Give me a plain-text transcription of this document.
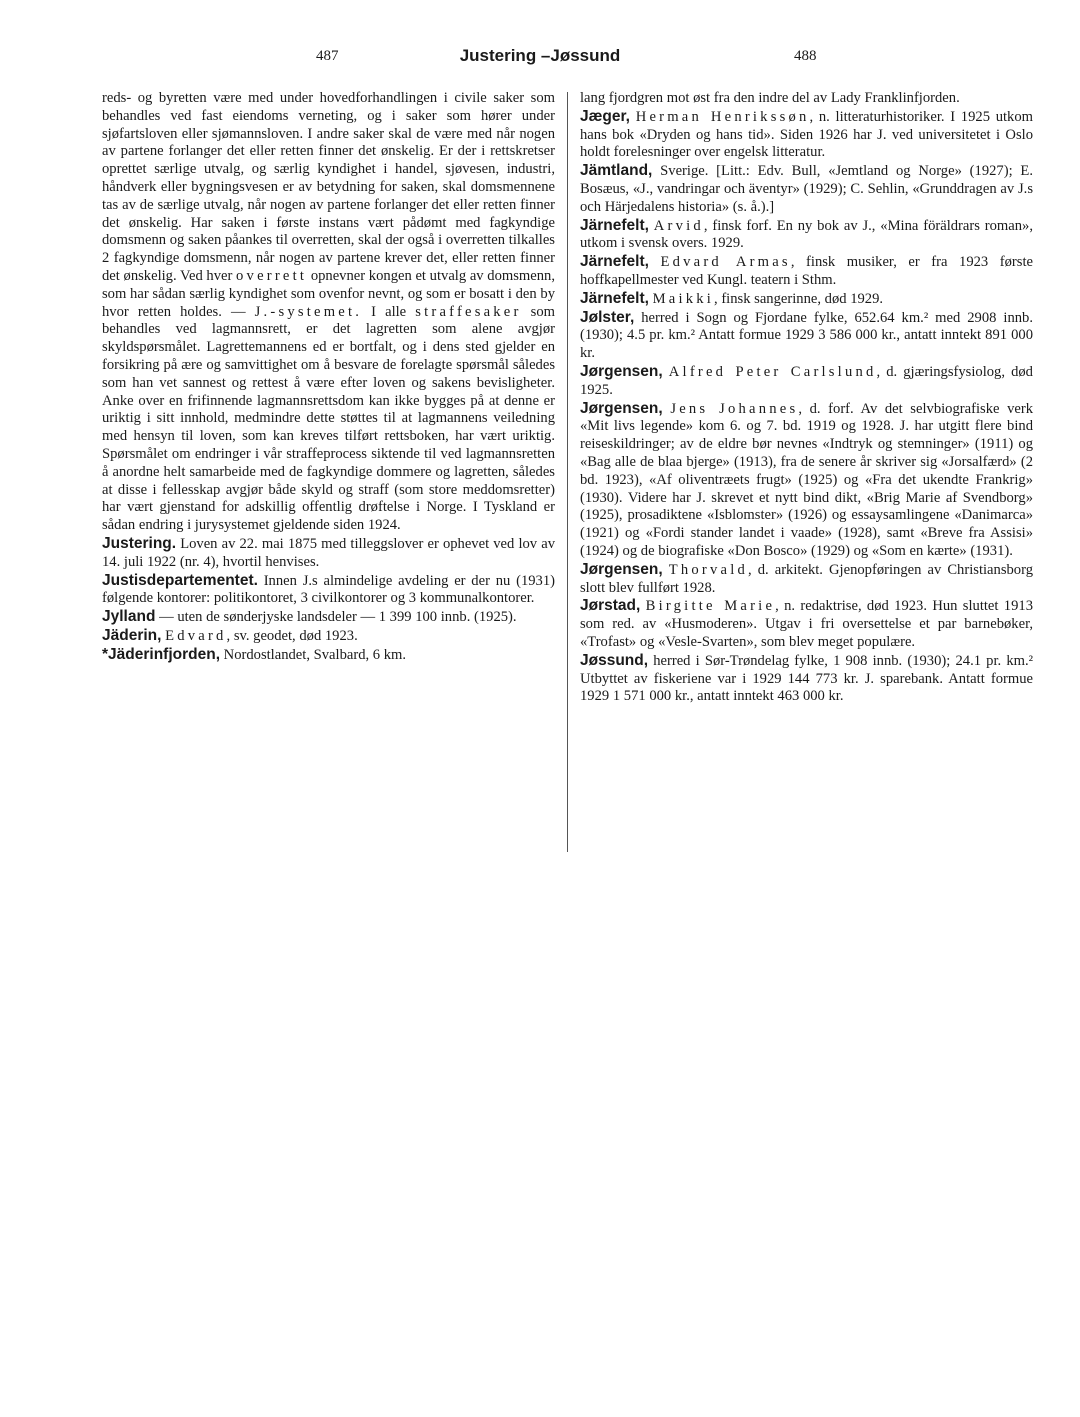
487	Justering –Jøssund	488

reds- og byretten være med under hovedforhandlingen i civile saker som behandles ved fast eiendoms verneting, og i saker som hører under sjøfartsloven eller sjømannsloven. I andre saker skal de være med når nogen av partene forlanger det eller retten finner det ønskelig. Er der i rettskretser oprettet særlige utvalg, og særlig kyndighet i handel, sjøvesen, industri, håndverk eller bygningsvesen er av betydning for saken, skal domsmennene tas av de særlige utvalg, når nogen av partene forlanger det eller retten finner det ønskelig. Har saken i første instans vært pådømt med fagkyndige domsmenn og saken påankes til overretten, skal der også i overretten tilkalles 2 fagkyndige domsmenn, når nogen av partene krever det, eller retten finner det ønskelig. Ved hver overrett opnevner kongen et utvalg av domsmenn, som har sådan særlig kyndighet som ovenfor nevnt, og som er bosatt i den by hvor retten holdes. — J.-systemet. I alle straffesaker som behandles ved lagmannsrett, er det lagretten som alene avgjør skyldspørsmålet. Lagrettemannens ed er bortfalt, og i dens sted gjelder en forsikring på ære og samvittighet om å besvare de forelagte spørsmål således som han vet sannest og rettest å være efter loven og sakens bevisligheter. Anke over en frifinnende lagmannsrettsdom kan ikke bygges på at denne er uriktig i sitt innhold, medmindre dette støttes til at lagmannens veiledning med hensyn til loven, som kan kreves tilført rettsboken, har vært uriktig. Spørsmålet om endringer i vår straffeprocess siktende til ved lagmannsretten å anordne helt samarbeide med de fagkyndige dommere og lagretten, således at disse i fellesskap avgjør både skyld og straff (som store meddomsretter) har vært gjenstand for adskillig offentlig drøftelse i Norge. I Tyskland er sådan endring i jurysystemet gjeldende siden 1924.

Justering. Loven av 22. mai 1875 med tilleggslover er ophevet ved lov av 14. juli 1922 (nr. 4), hvortil henvises.

Justisdepartementet. Innen J.s almindelige avdeling er der nu (1931) følgende kontorer: politikontoret, 3 civilkontorer og 3 kommunalkontorer.

Jylland — uten de sønderjyske landsdeler — 1 399 100 innb. (1925).

Jäderin, Edvard, sv. geodet, død 1923.

*Jäderinfjorden, Nordostlandet, Svalbard, 6 km.

lang fjordgren mot øst fra den indre del av Lady Franklinfjorden.

Jæger, Herman Henrikssøn, n. litteraturhistoriker. I 1925 utkom hans bok «Dryden og hans tid». Siden 1926 har J. ved universitetet i Oslo holdt forelesninger over engelsk litteratur.

Jämtland, Sverige. [Litt.: Edv. Bull, «Jemtland og Norge» (1927); E. Bosæus, «J., vandringar och äventyr» (1929); C. Sehlin, «Grunddragen av J.s och Härjedalens historia» (s. å.).]

Järnefelt, Arvid, finsk forf. En ny bok av J., «Mina föräldrars roman», utkom i svensk overs. 1929.

Järnefelt, Edvard Armas, finsk musiker, er fra 1923 første hoffkapellmester ved Kungl. teatern i Sthm.

Järnefelt, Maikki, finsk sangerinne, død 1929.

Jølster, herred i Sogn og Fjordane fylke, 652.64 km.² med 2908 innb. (1930); 4.5 pr. km.² Antatt formue 1929 3 586 000 kr., antatt inntekt 891 000 kr.

Jørgensen, Alfred Peter Carlslund, d. gjæringsfysiolog, død 1925.

Jørgensen, Jens Johannes, d. forf. Av det selvbiografiske verk «Mit livs legende» kom 6. og 7. bd. 1919 og 1928. J. har utgitt flere bind reiseskildringer; av de eldre bør nevnes «Indtryk og stemninger» (1911) og «Bag alle de blaa bjerge» (1913), fra de senere år skriver sig «Jorsalfærd» (2 bd. 1923), «Af oliventræets frugt» (1925) og «Fra det ukendte Frankrig» (1930). Videre har J. skrevet et nytt bind dikt, «Brig Marie af Svendborg» (1925), prosadiktene «Isblomster» (1926) og essaysamlingene «Danimarca» (1921) og «Fordi stander landet i vaade» (1928), samt «Breve fra Assisi» (1924) og de biografiske «Don Bosco» (1929) og «Som en kærte» (1931).

Jørgensen, Thorvald, d. arkitekt. Gjenopføringen av Christiansborg slott blev fullført 1928.

Jørstad, Birgitte Marie, n. redaktrise, død 1923. Hun sluttet 1913 som red. av «Husmoderen». Utgav i fri oversettelse et par barnebøker, «Trofast» og «Vesle-Svarten», som blev meget populære.

Jøssund, herred i Sør-Trøndelag fylke, 1 908 innb. (1930); 24.1 pr. km.² Utbyttet av fiskeriene var i 1929 144 773 kr. J. sparebank. Antatt formue 1929 1 571 000 kr., antatt inntekt 463 000 kr.
